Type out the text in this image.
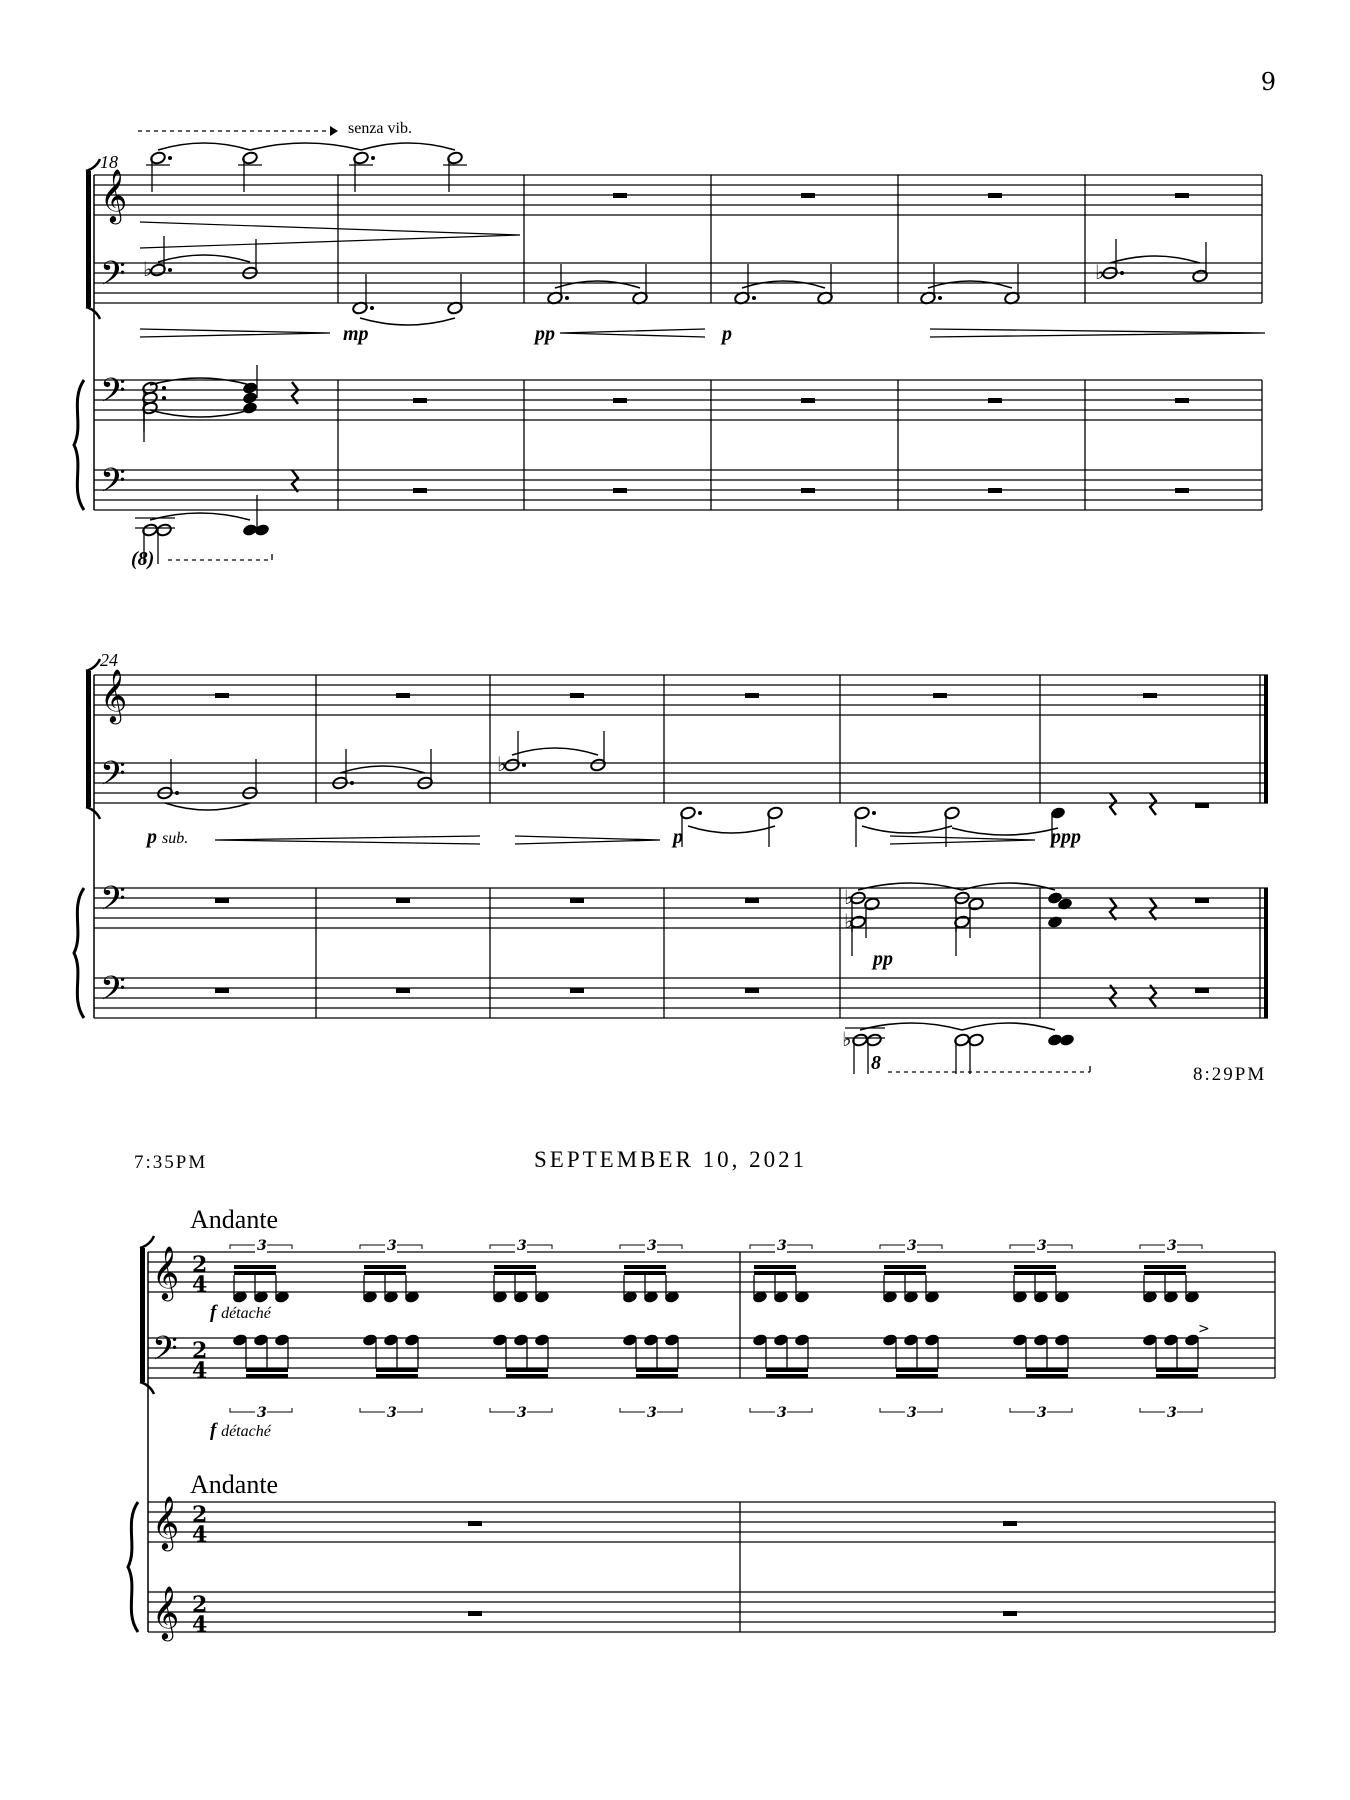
9
senza vib.
18
mp	pp	p
(8)
24
p sub.	p	ppp
pp
8
8:29PM
7:35PM	SEPTEMBER 10, 2021
Andante
Andante
f détaché
f détaché
𝄞
𝄢
𝄢
𝄢
♭	♭
𝄞
𝄢
𝄢
𝄢
♭
♭
♭
♭
𝄞
𝄢
𝄞
𝄞
2
4
2
4
2
4
2
4
3
3
3
3
3
3
3
3
3
3
3
3
3
3
3
3
>
